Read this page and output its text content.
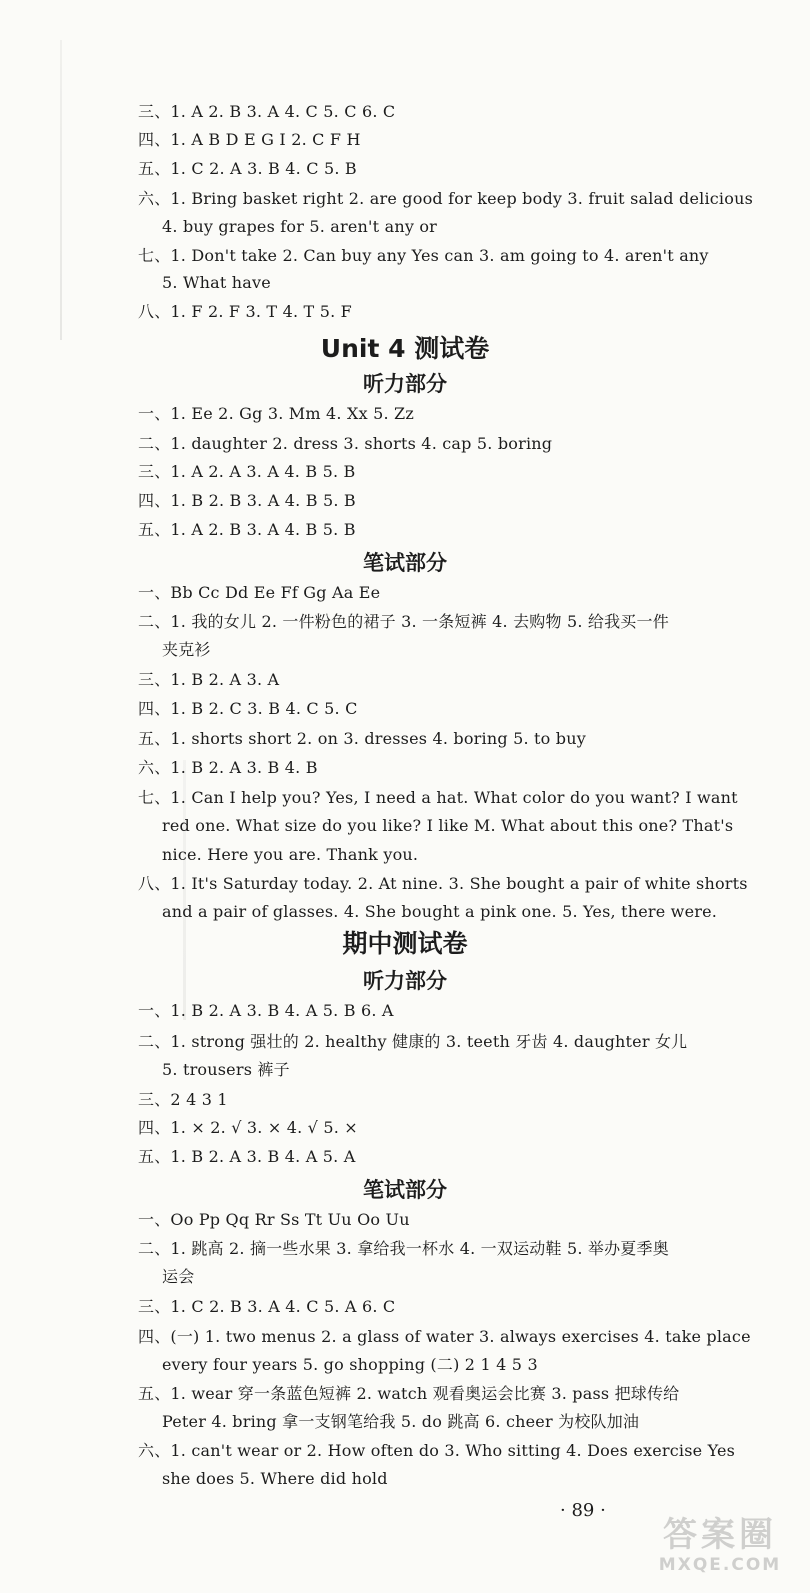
三、1. A 2. B 3. A 4. C 5. C 6. C
四、1. A B D E G I 2. C F H
五、1. C 2. A 3. B 4. C 5. B
六、1. Bring basket right 2. are good for keep body 3. fruit salad delicious
4. buy grapes for 5. aren't any or
七、1. Don't take 2. Can buy any Yes can 3. am going to 4. aren't any
5. What have
八、1. F 2. F 3. T 4. T 5. F
Unit 4 测试卷
听力部分
一、1. Ee 2. Gg 3. Mm 4. Xx 5. Zz
二、1. daughter 2. dress 3. shorts 4. cap 5. boring
三、1. A 2. A 3. A 4. B 5. B
四、1. B 2. B 3. A 4. B 5. B
五、1. A 2. B 3. A 4. B 5. B
笔试部分
一、Bb Cc Dd Ee Ff Gg Aa Ee
二、1. 我的女儿 2. 一件粉色的裙子 3. 一条短裤 4. 去购物 5. 给我买一件
夹克衫
三、1. B 2. A 3. A
四、1. B 2. C 3. B 4. C 5. C
五、1. shorts short 2. on 3. dresses 4. boring 5. to buy
六、1. B 2. A 3. B 4. B
七、1. Can I help you? Yes, I need a hat. What color do you want? I want
red one. What size do you like? I like M. What about this one? That's
nice. Here you are. Thank you.
八、1. It's Saturday today. 2. At nine. 3. She bought a pair of white shorts
and a pair of glasses. 4. She bought a pink one. 5. Yes, there were.
期中测试卷
听力部分
一、1. B 2. A 3. B 4. A 5. B 6. A
二、1. strong 强壮的 2. healthy 健康的 3. teeth 牙齿 4. daughter 女儿
5. trousers 裤子
三、2 4 3 1
四、1. × 2. √ 3. × 4. √ 5. ×
五、1. B 2. A 3. B 4. A 5. A
笔试部分
一、Oo Pp Qq Rr Ss Tt Uu Oo Uu
二、1. 跳高 2. 摘一些水果 3. 拿给我一杯水 4. 一双运动鞋 5. 举办夏季奥
运会
三、1. C 2. B 3. A 4. C 5. A 6. C
四、(一) 1. two menus 2. a glass of water 3. always exercises 4. take place
every four years 5. go shopping (二) 2 1 4 5 3
五、1. wear 穿一条蓝色短裤 2. watch 观看奥运会比赛 3. pass 把球传给
Peter 4. bring 拿一支钢笔给我 5. do 跳高 6. cheer 为校队加油
六、1. can't wear or 2. How often do 3. Who sitting 4. Does exercise Yes
she does 5. Where did hold
· 89 ·
答案圈
MXQE.COM
